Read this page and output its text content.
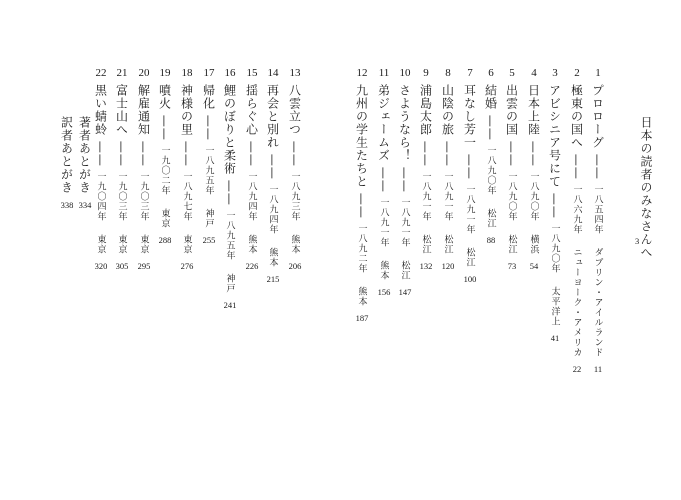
日本の読者のみなさんへ
3
1
プロローグ —— 一八五四年　ダブリン・アイルランド
11
2
極東の国へ —— 一八六九年　ニューヨーク・アメリカ
22
3
アビシニア号にて —— 一八九〇年　太平洋上
41
4
日本上陸 —— 一八九〇年　横浜
54
5
出雲の国 —— 一八九〇年　松江
73
6
結婚 —— 一八九〇年　松江
88
7
耳なし芳一 —— 一八九一年　松江
100
8
山陰の旅 —— 一八九一年　松江
120
9
浦島太郎 —— 一八九一年　松江
132
10
さようなら！ —— 一八九一年　松江
147
11
弟ジェームズ —— 一八九一年　熊本
156
12
九州の学生たちと —— 一八九二年　熊本
187
13
八雲立つ —— 一八九三年　熊本
206
14
再会と別れ —— 一八九四年　熊本
215
15
揺らぐ心 —— 一八九四年　熊本
226
16
鯉のぼりと柔術 —— 一八九五年　神戸
241
17
帰化 —— 一八九五年　神戸
255
18
神様の里 —— 一八九七年　東京
276
19
噴火 —— 一九〇二年　東京
288
20
解雇通知 —— 一九〇三年　東京
295
21
富士山へ —— 一九〇三年　東京
305
22
黒い蜻蛉 —— 一九〇四年　東京
320
著者あとがき
334
訳者あとがき
338
